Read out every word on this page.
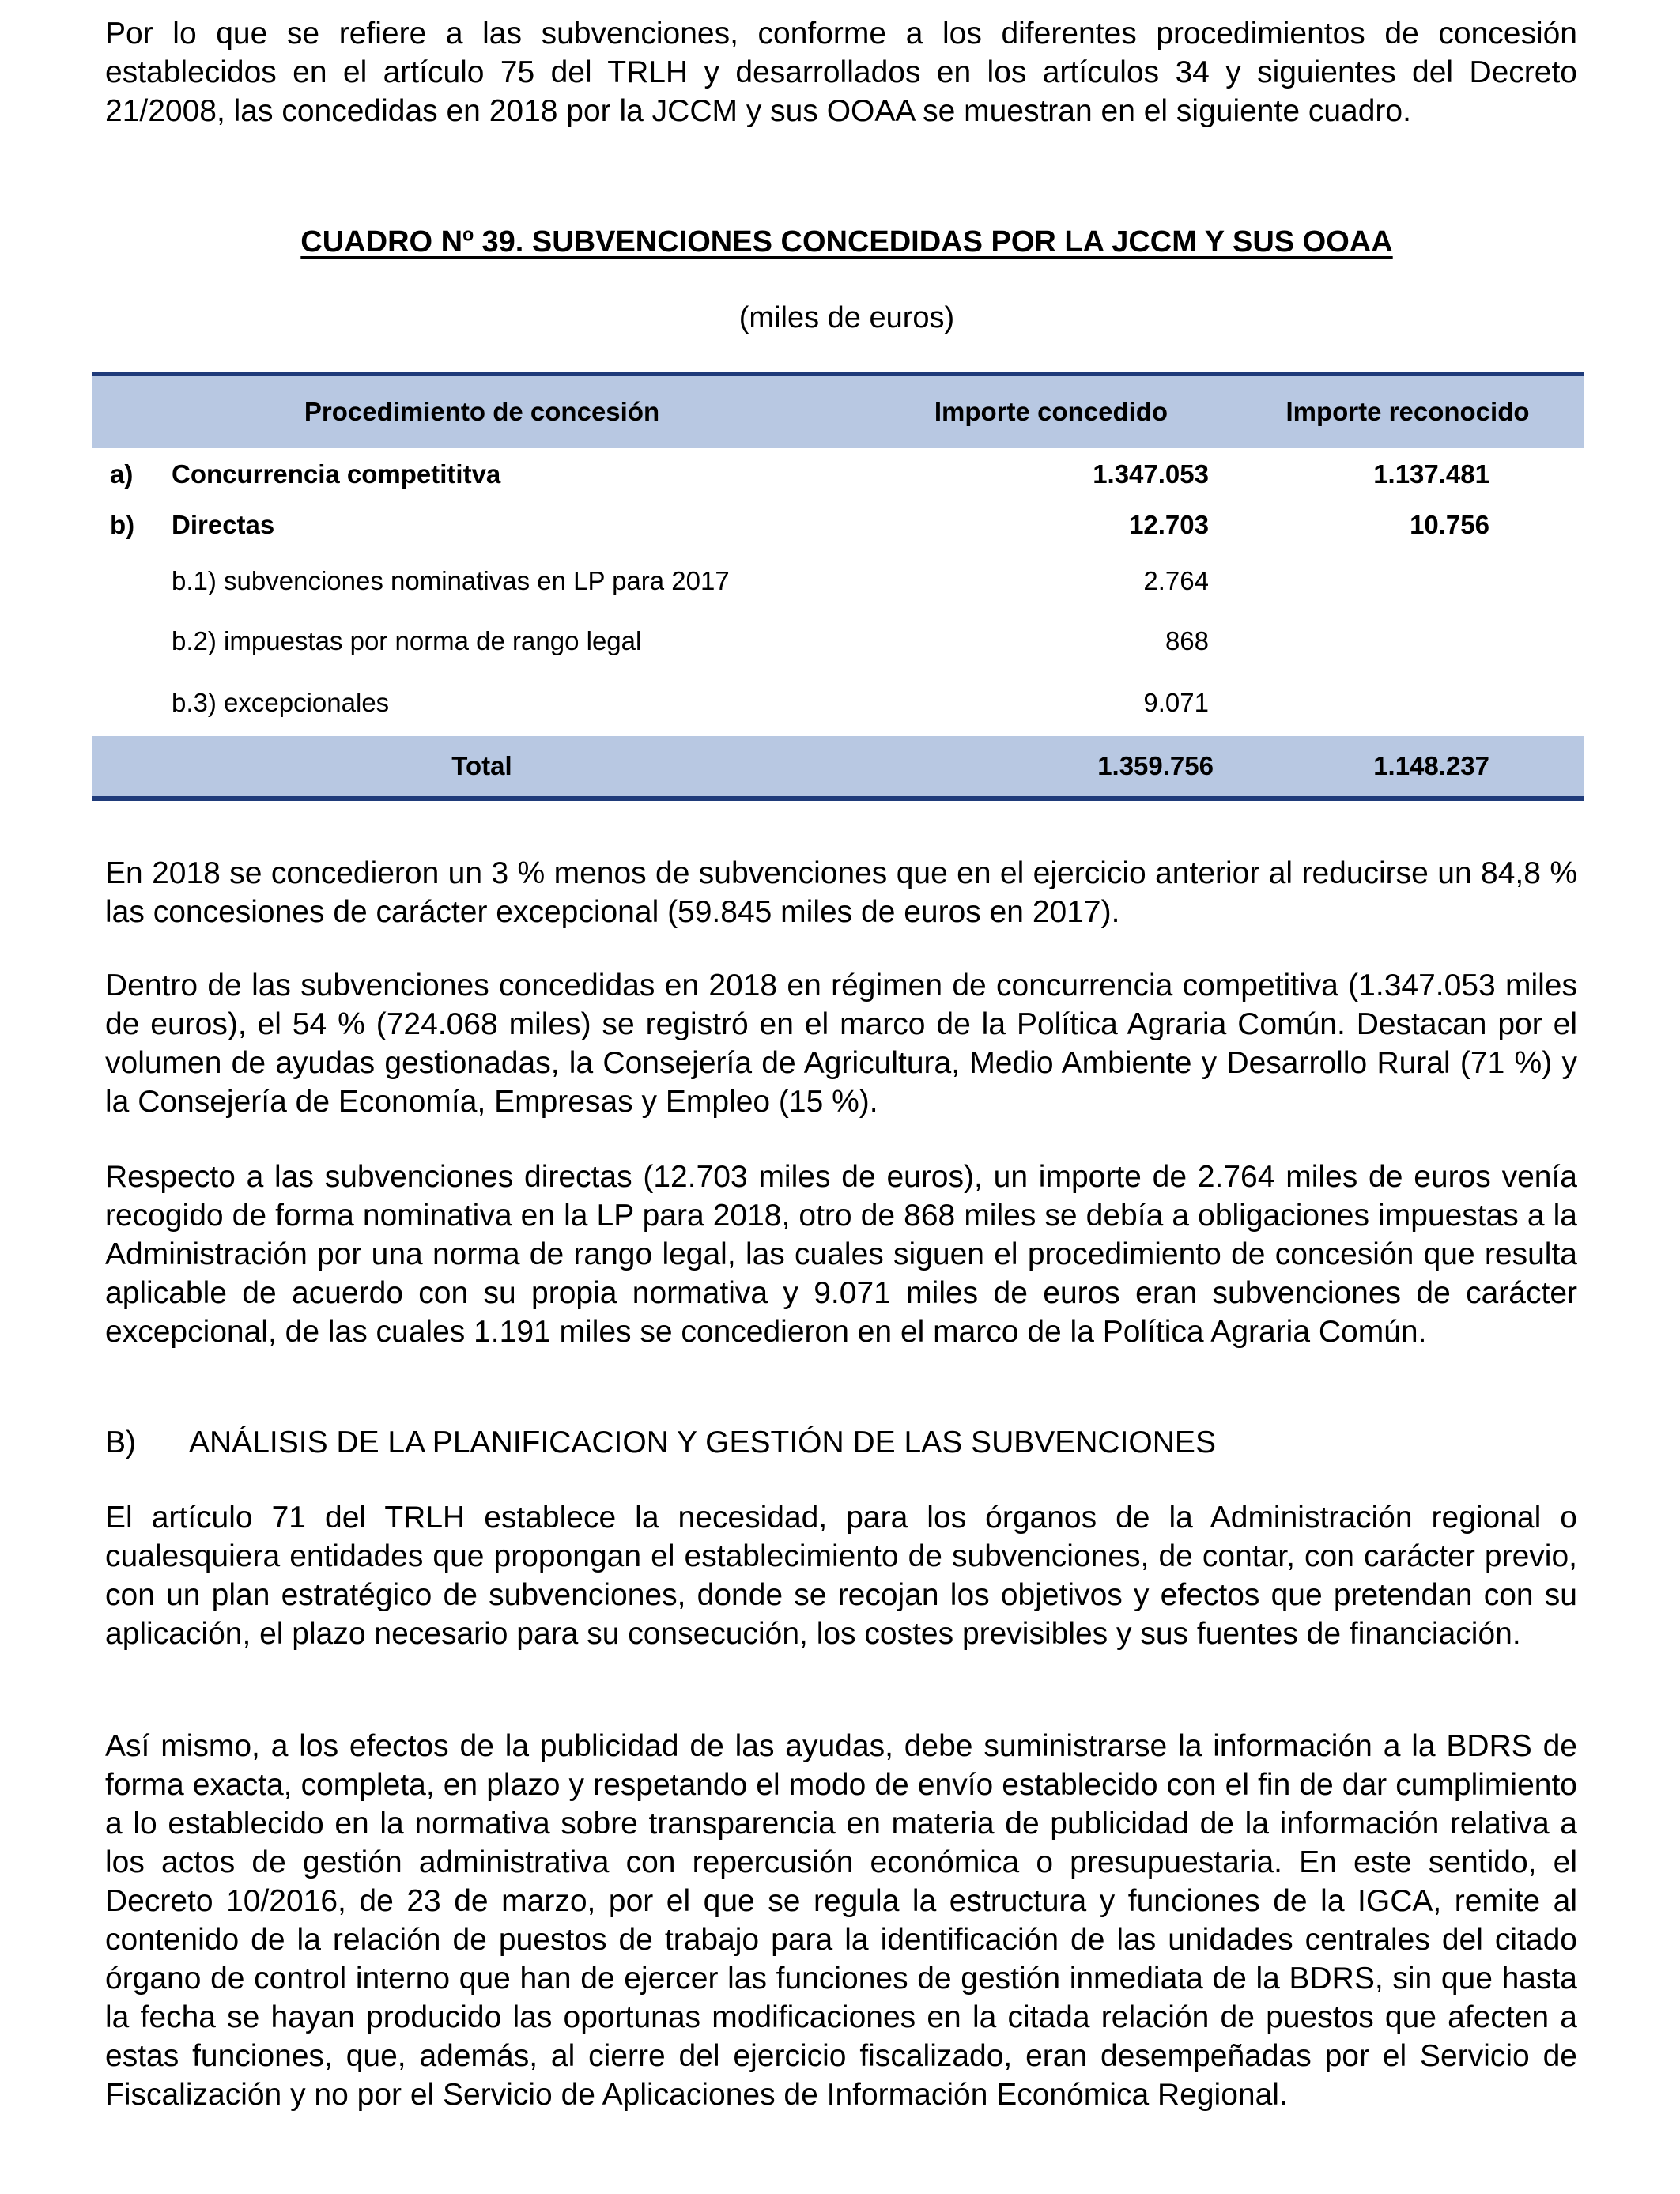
Por lo que se refiere a las subvenciones, conforme a los diferentes procedimientos de concesión establecidos en el artículo 75 del TRLH y desarrollados en los artículos 34 y siguientes del Decreto 21/2008, las concedidas en 2018 por la JCCM y sus OOAA se muestran en el siguiente cuadro.

CUADRO Nº 39. SUBVENCIONES CONCEDIDAS POR LA JCCM Y SUS OOAA

(miles de euros)

Procedimiento de concesión		Importe concedido	Importe reconocido
a)	Concurrencia competititva	1.347.053	1.137.481
b)	Directas	12.703	10.756
	b.1) subvenciones nominativas en LP para 2017	2.764	
	b.2) impuestas por norma de rango legal	868	
	b.3) excepcionales	9.071	
Total		1.359.756	1.148.237

En 2018 se concedieron un 3 % menos de subvenciones que en el ejercicio anterior al reducirse un 84,8 % las concesiones de carácter excepcional (59.845 miles de euros en 2017).

Dentro de las subvenciones concedidas en 2018 en régimen de concurrencia competitiva (1.347.053 miles de euros), el 54 % (724.068 miles) se registró en el marco de la Política Agraria Común. Destacan por el volumen de ayudas gestionadas, la Consejería de Agricultura, Medio Ambiente y Desarrollo Rural (71 %) y la Consejería de Economía, Empresas y Empleo (15 %).

Respecto a las subvenciones directas (12.703 miles de euros), un importe de 2.764 miles de euros venía recogido de forma nominativa en la LP para 2018, otro de 868 miles se debía a obligaciones impuestas a la Administración por una norma de rango legal, las cuales siguen el procedimiento de concesión que resulta aplicable de acuerdo con su propia normativa y 9.071 miles de euros eran subvenciones de carácter excepcional, de las cuales 1.191 miles se concedieron en el marco de la Política Agraria Común.

B) ANÁLISIS DE LA PLANIFICACION Y GESTIÓN DE LAS SUBVENCIONES

El artículo 71 del TRLH establece la necesidad, para los órganos de la Administración regional o cualesquiera entidades que propongan el establecimiento de subvenciones, de contar, con carácter previo, con un plan estratégico de subvenciones, donde se recojan los objetivos y efectos que pretendan con su aplicación, el plazo necesario para su consecución, los costes previsibles y sus fuentes de financiación.

Así mismo, a los efectos de la publicidad de las ayudas, debe suministrarse la información a la BDRS de forma exacta, completa, en plazo y respetando el modo de envío establecido con el fin de dar cumplimiento a lo establecido en la normativa sobre transparencia en materia de publicidad de la información relativa a los actos de gestión administrativa con repercusión económica o presupuestaria. En este sentido, el Decreto 10/2016, de 23 de marzo, por el que se regula la estructura y funciones de la IGCA, remite al contenido de la relación de puestos de trabajo para la identificación de las unidades centrales del citado órgano de control interno que han de ejercer las funciones de gestión inmediata de la BDRS, sin que hasta la fecha se hayan producido las oportunas modificaciones en la citada relación de puestos que afecten a estas funciones, que, además, al cierre del ejercicio fiscalizado, eran desempeñadas por el Servicio de Fiscalización y no por el Servicio de Aplicaciones de Información Económica Regional.
